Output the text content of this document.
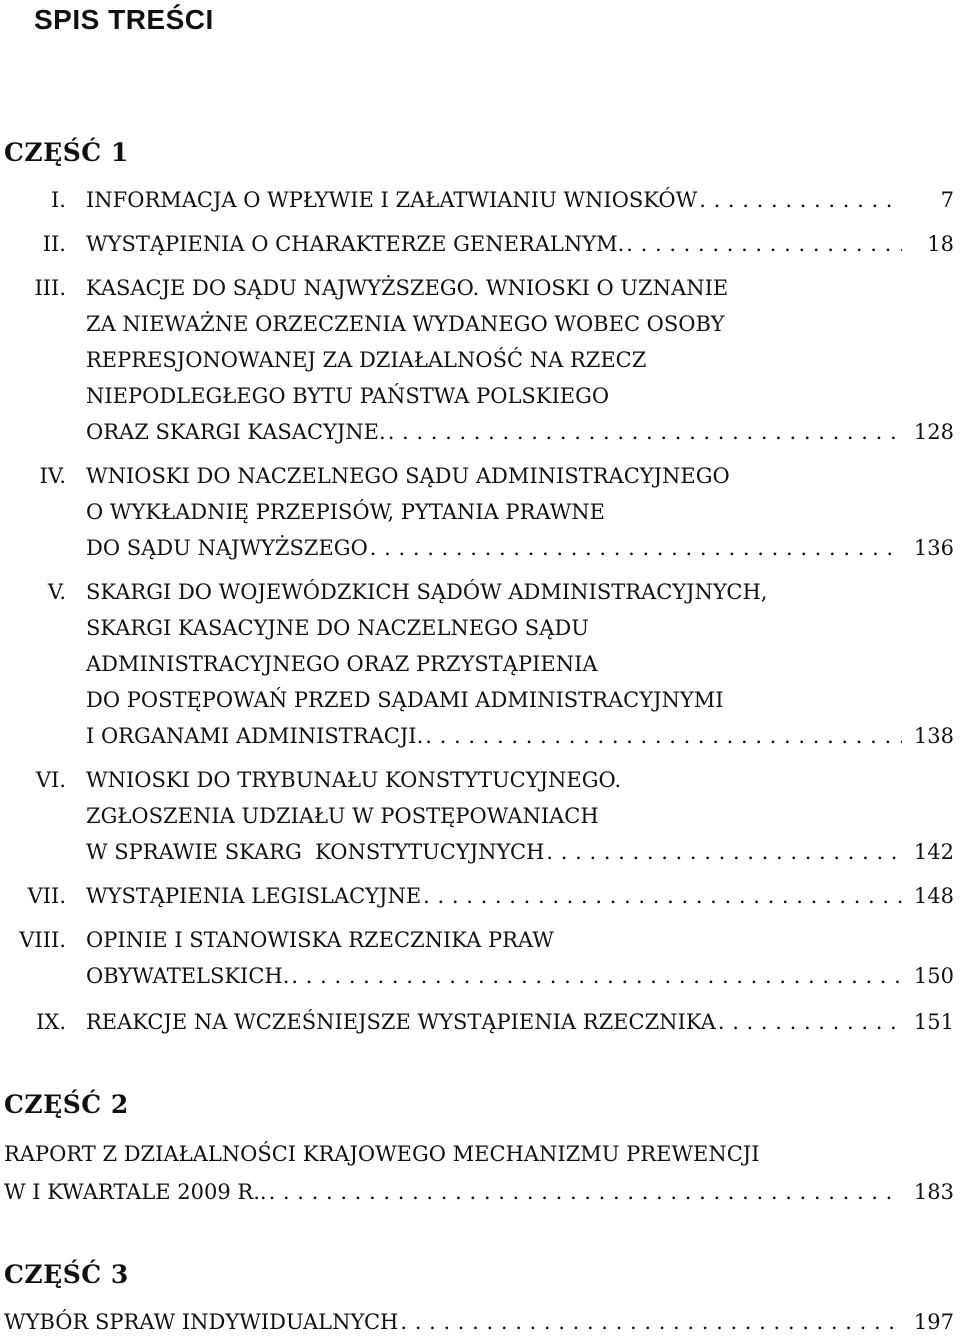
SPIS TREŚCI
CZĘŚĆ 1
I. INFORMACJA O WPŁYWIE I ZAŁATWIANIU WNIOSKÓW . . .	7
II. WYSTĄPIENIA O CHARAKTERZE GENERALNYM. . . .	18
III. KASACJE DO SĄDU NAJWYŻSZEGO. WNIOSKI O UZNANIE
ZA NIEWAŻNE ORZECZENIA WYDANEGO WOBEC OSOBY
REPRESJONOWANEJ ZA DZIAŁALNOŚĆ NA RZECZ
NIEPODLEGŁEGO BYTU PAŃSTWA POLSKIEGO
ORAZ SKARGI KASACYJNE. . . .	128
IV. WNIOSKI DO NACZELNEGO SĄDU ADMINISTRACYJNEGO
O WYKŁADNIĘ PRZEPISÓW, PYTANIA PRAWNE
DO SĄDU NAJWYŻSZEGO . . .	136
V. SKARGI DO WOJEWÓDZKICH SĄDÓW ADMINISTRACYJNYCH,
SKARGI KASACYJNE DO NACZELNEGO SĄDU
ADMINISTRACYJNEGO ORAZ PRZYSTĄPIENIA
DO POSTĘPOWAŃ PRZED SĄDAMI ADMINISTRACYJNYMI
I ORGANAMI ADMINISTRACJI. . . .	138
VI. WNIOSKI DO TRYBUNAŁU KONSTYTUCYJNEGO.
ZGŁOSZENIA UDZIAŁU W POSTĘPOWANIACH
W SPRAWIE SKARG  KONSTYTUCYJNYCH . . .	142
VII. WYSTĄPIENIA LEGISLACYJNE . . .	148
VIII. OPINIE I STANOWISKA RZECZNIKA PRAW
OBYWATELSKICH. . . .	150
IX. REAKCJE NA WCZEŚNIEJSZE WYSTĄPIENIA RZECZNIKA . . .	151
CZĘŚĆ 2
RAPORT Z DZIAŁALNOŚCI KRAJOWEGO MECHANIZMU PREWENCJI
W I KWARTALE 2009 R.. . . .	183
CZĘŚĆ 3
WYBÓR SPRAW INDYWIDUALNYCH . . .	197
